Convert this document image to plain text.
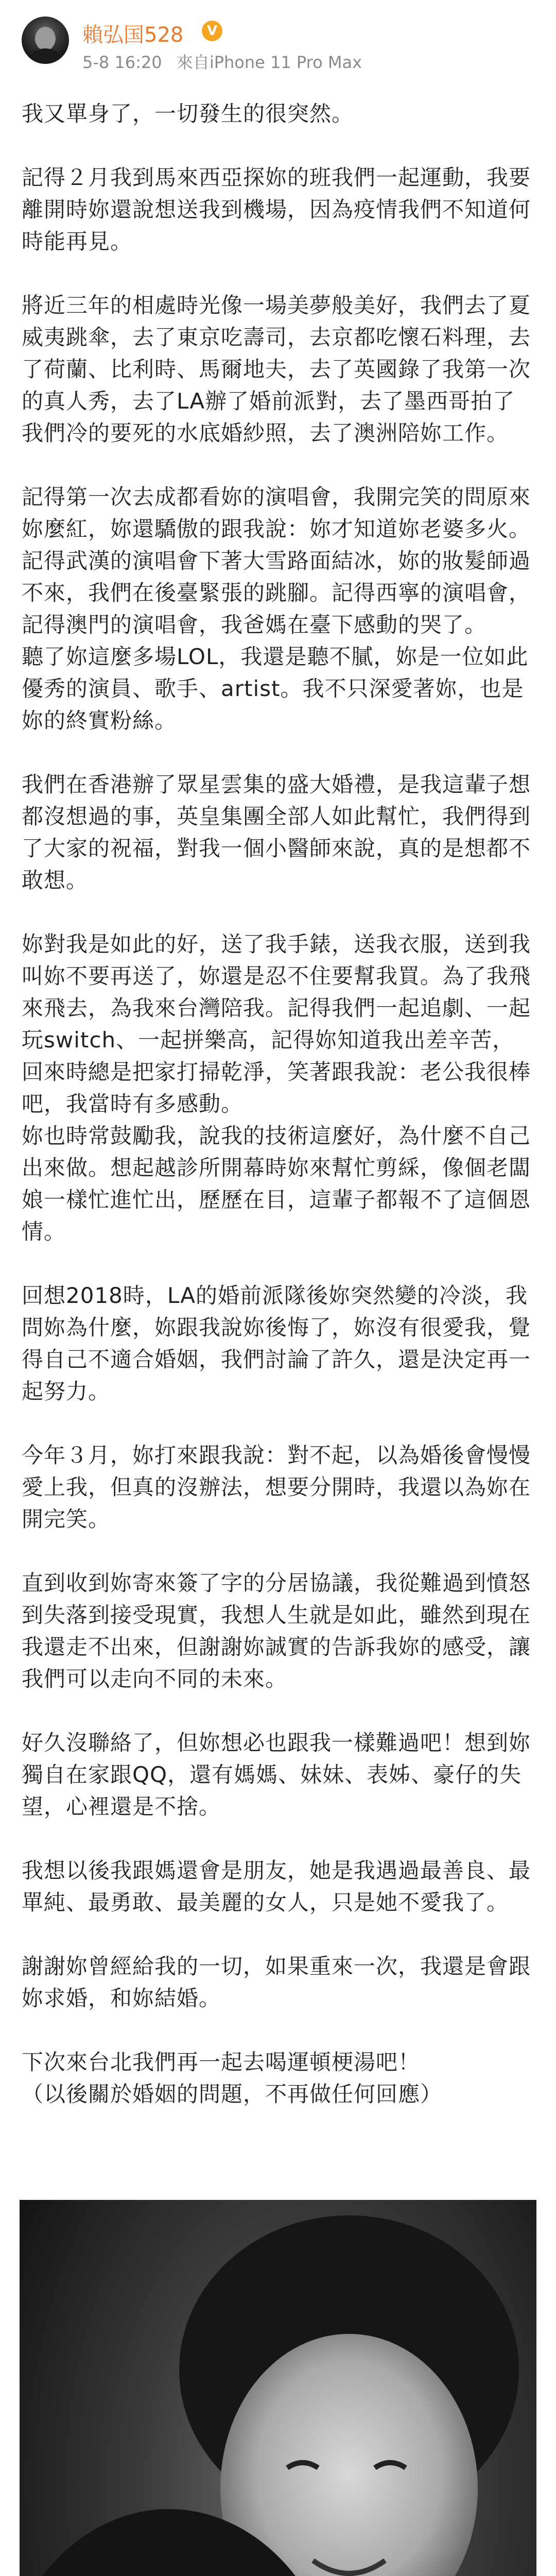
賴弘国528	V
5-8 16:20 來自iPhone 11 Pro Max

我又單身了，一切發生的很突然。

記得２月我到馬來西亞探妳的班我們一起運動，我要離開時妳還說想送我到機場，因為疫情我們不知道何時能再見。

將近三年的相處時光像一場美夢般美好，我們去了夏威夷跳傘，去了東京吃壽司，去京都吃懷石料理，去了荷蘭、比利時、馬爾地夫，去了英國錄了我第一次的真人秀，去了LA辦了婚前派對，去了墨西哥拍了我們冷的要死的水底婚紗照，去了澳洲陪妳工作。

記得第一次去成都看妳的演唱會，我開完笑的問原來妳麼紅，妳還驕傲的跟我說：妳才知道妳老婆多火。
記得武漢的演唱會下著大雪路面結冰，妳的妝髮師過不來，我們在後臺緊張的跳腳。記得西寧的演唱會，記得澳門的演唱會，我爸媽在臺下感動的哭了。
聽了妳這麼多場LOL，我還是聽不膩，妳是一位如此優秀的演員、歌手、artist。我不只深愛著妳，也是妳的終實粉絲。

我們在香港辦了眾星雲集的盛大婚禮，是我這輩子想都沒想過的事，英皇集團全部人如此幫忙，我們得到了大家的祝福，對我一個小醫師來說，真的是想都不敢想。

妳對我是如此的好，送了我手錶，送我衣服，送到我叫妳不要再送了，妳還是忍不住要幫我買。為了我飛來飛去，為我來台灣陪我。記得我們一起追劇、一起玩switch、一起拼樂高，記得妳知道我出差辛苦，回來時總是把家打掃乾淨，笑著跟我說：老公我很棒吧，我當時有多感動。
妳也時常鼓勵我，說我的技術這麼好，為什麼不自己出來做。想起越診所開幕時妳來幫忙剪綵，像個老闆娘一樣忙進忙出，歷歷在目，這輩子都報不了這個恩情。

回想2018時，LA的婚前派隊後妳突然變的冷淡，我問妳為什麼，妳跟我說妳後悔了，妳沒有很愛我，覺得自己不適合婚姻，我們討論了許久，還是決定再一起努力。

今年３月，妳打來跟我說：對不起，以為婚後會慢慢愛上我，但真的沒辦法，想要分開時，我還以為妳在開完笑。

直到收到妳寄來簽了字的分居協議，我從難過到憤怒到失落到接受現實，我想人生就是如此，雖然到現在我還走不出來，但謝謝妳誠實的告訴我妳的感受，讓我們可以走向不同的未來。

好久沒聯絡了，但妳想必也跟我一樣難過吧！想到妳獨自在家跟QQ，還有媽媽、妹妹、表姊、豪仔的失望，心裡還是不捨。

我想以後我跟媽還會是朋友，她是我遇過最善良、最單純、最勇敢、最美麗的女人，只是她不愛我了。

謝謝妳曾經給我的一切，如果重來一次，我還是會跟妳求婚，和妳結婚。

下次來台北我們再一起去喝運頓梗湯吧！
（以後關於婚姻的問題，不再做任何回應）
